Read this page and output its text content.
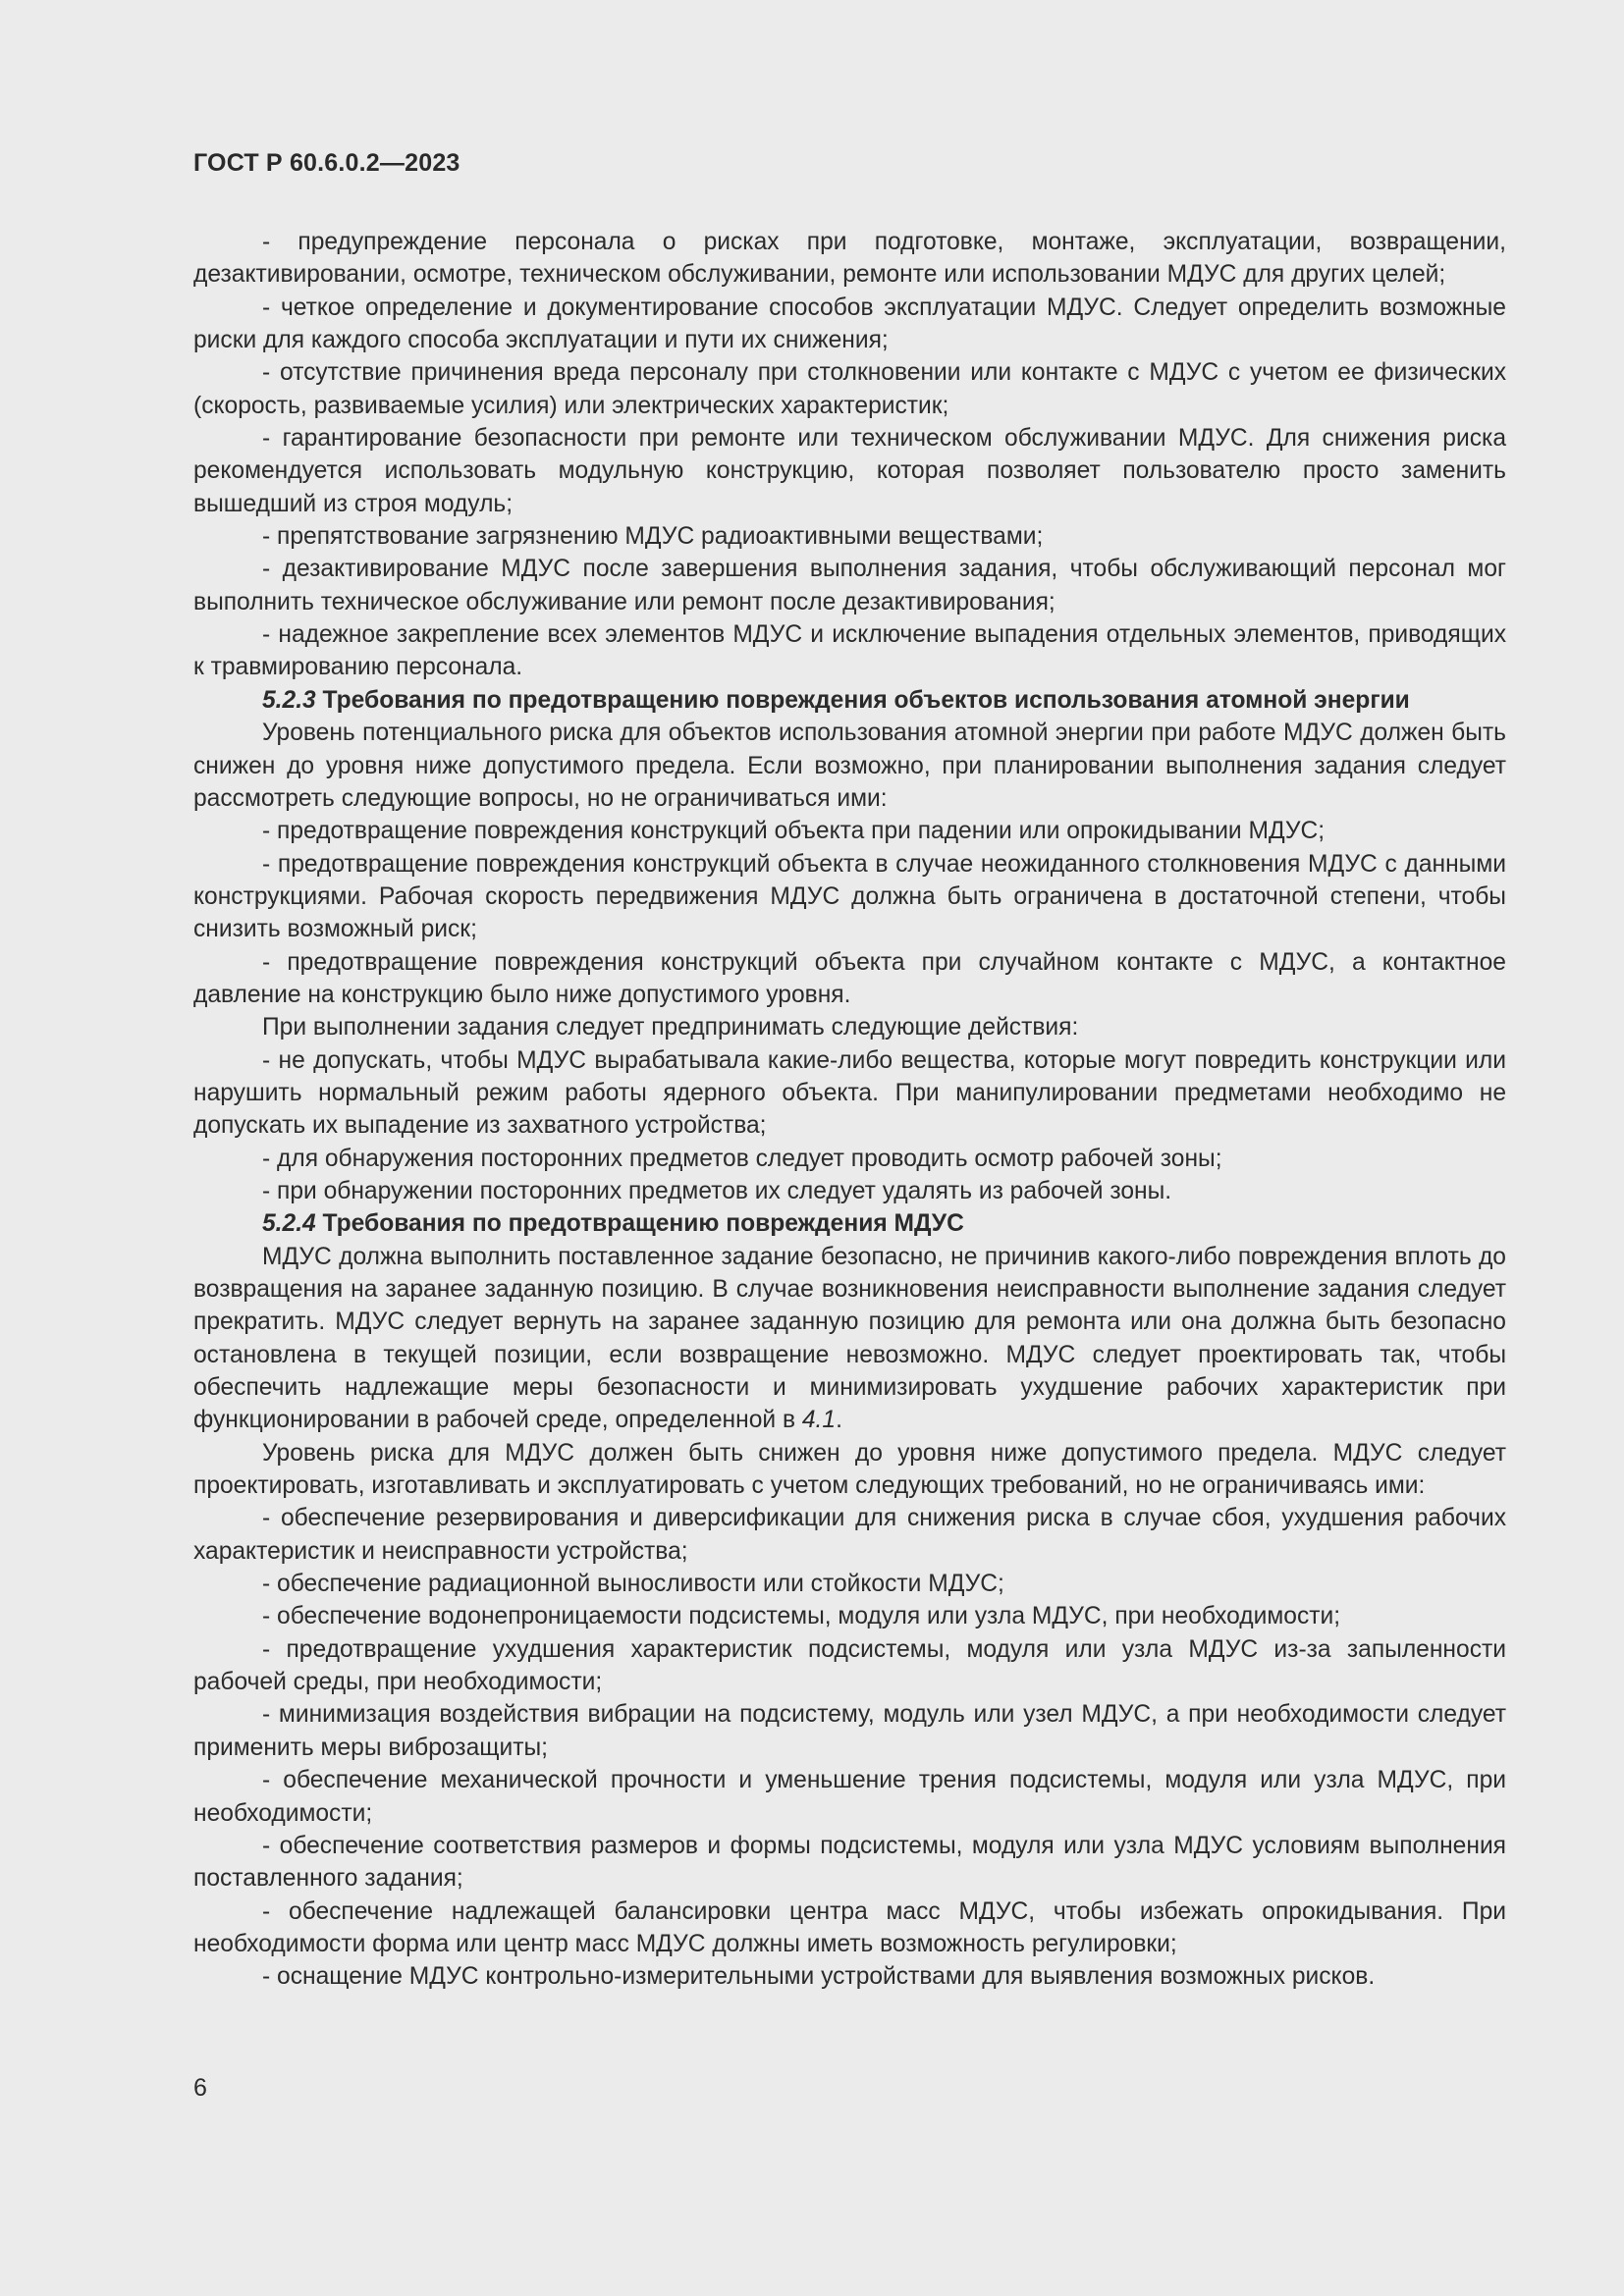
ГОСТ Р 60.6.0.2—2023

- предупреждение персонала о рисках при подготовке, монтаже, эксплуатации, возвращении, дезактивировании, осмотре, техническом обслуживании, ремонте или использовании МДУС для других целей;

- четкое определение и документирование способов эксплуатации МДУС. Следует определить возможные риски для каждого способа эксплуатации и пути их снижения;

- отсутствие причинения вреда персоналу при столкновении или контакте с МДУС с учетом ее физических (скорость, развиваемые усилия) или электрических характеристик;

- гарантирование безопасности при ремонте или техническом обслуживании МДУС. Для снижения риска рекомендуется использовать модульную конструкцию, которая позволяет пользователю просто заменить вышедший из строя модуль;

- препятствование загрязнению МДУС радиоактивными веществами;

- дезактивирование МДУС после завершения выполнения задания, чтобы обслуживающий персонал мог выполнить техническое обслуживание или ремонт после дезактивирования;

- надежное закрепление всех элементов МДУС и исключение выпадения отдельных элементов, приводящих к травмированию персонала.

5.2.3 Требования по предотвращению повреждения объектов использования атомной энергии

Уровень потенциального риска для объектов использования атомной энергии при работе МДУС должен быть снижен до уровня ниже допустимого предела. Если возможно, при планировании выполнения задания следует рассмотреть следующие вопросы, но не ограничиваться ими:

- предотвращение повреждения конструкций объекта при падении или опрокидывании МДУС;

- предотвращение повреждения конструкций объекта в случае неожиданного столкновения МДУС с данными конструкциями. Рабочая скорость передвижения МДУС должна быть ограничена в достаточной степени, чтобы снизить возможный риск;

- предотвращение повреждения конструкций объекта при случайном контакте с МДУС, а контактное давление на конструкцию было ниже допустимого уровня.

При выполнении задания следует предпринимать следующие действия:

- не допускать, чтобы МДУС вырабатывала какие-либо вещества, которые могут повредить конструкции или нарушить нормальный режим работы ядерного объекта. При манипулировании предметами необходимо не допускать их выпадение из захватного устройства;

- для обнаружения посторонних предметов следует проводить осмотр рабочей зоны;

- при обнаружении посторонних предметов их следует удалять из рабочей зоны.

5.2.4 Требования по предотвращению повреждения МДУС

МДУС должна выполнить поставленное задание безопасно, не причинив какого-либо повреждения вплоть до возвращения на заранее заданную позицию. В случае возникновения неисправности выполнение задания следует прекратить. МДУС следует вернуть на заранее заданную позицию для ремонта или она должна быть безопасно остановлена в текущей позиции, если возвращение невозможно. МДУС следует проектировать так, чтобы обеспечить надлежащие меры безопасности и минимизировать ухудшение рабочих характеристик при функционировании в рабочей среде, определенной в 4.1.

Уровень риска для МДУС должен быть снижен до уровня ниже допустимого предела. МДУС следует проектировать, изготавливать и эксплуатировать с учетом следующих требований, но не ограничиваясь ими:

- обеспечение резервирования и диверсификации для снижения риска в случае сбоя, ухудшения рабочих характеристик и неисправности устройства;

- обеспечение радиационной выносливости или стойкости МДУС;

- обеспечение водонепроницаемости подсистемы, модуля или узла МДУС, при необходимости;

- предотвращение ухудшения характеристик подсистемы, модуля или узла МДУС из-за запыленности рабочей среды, при необходимости;

- минимизация воздействия вибрации на подсистему, модуль или узел МДУС, а при необходимости следует применить меры виброзащиты;

- обеспечение механической прочности и уменьшение трения подсистемы, модуля или узла МДУС, при необходимости;

- обеспечение соответствия размеров и формы подсистемы, модуля или узла МДУС условиям выполнения поставленного задания;

- обеспечение надлежащей балансировки центра масс МДУС, чтобы избежать опрокидывания. При необходимости форма или центр масс МДУС должны иметь возможность регулировки;

- оснащение МДУС контрольно-измерительными устройствами для выявления возможных рисков.

6
